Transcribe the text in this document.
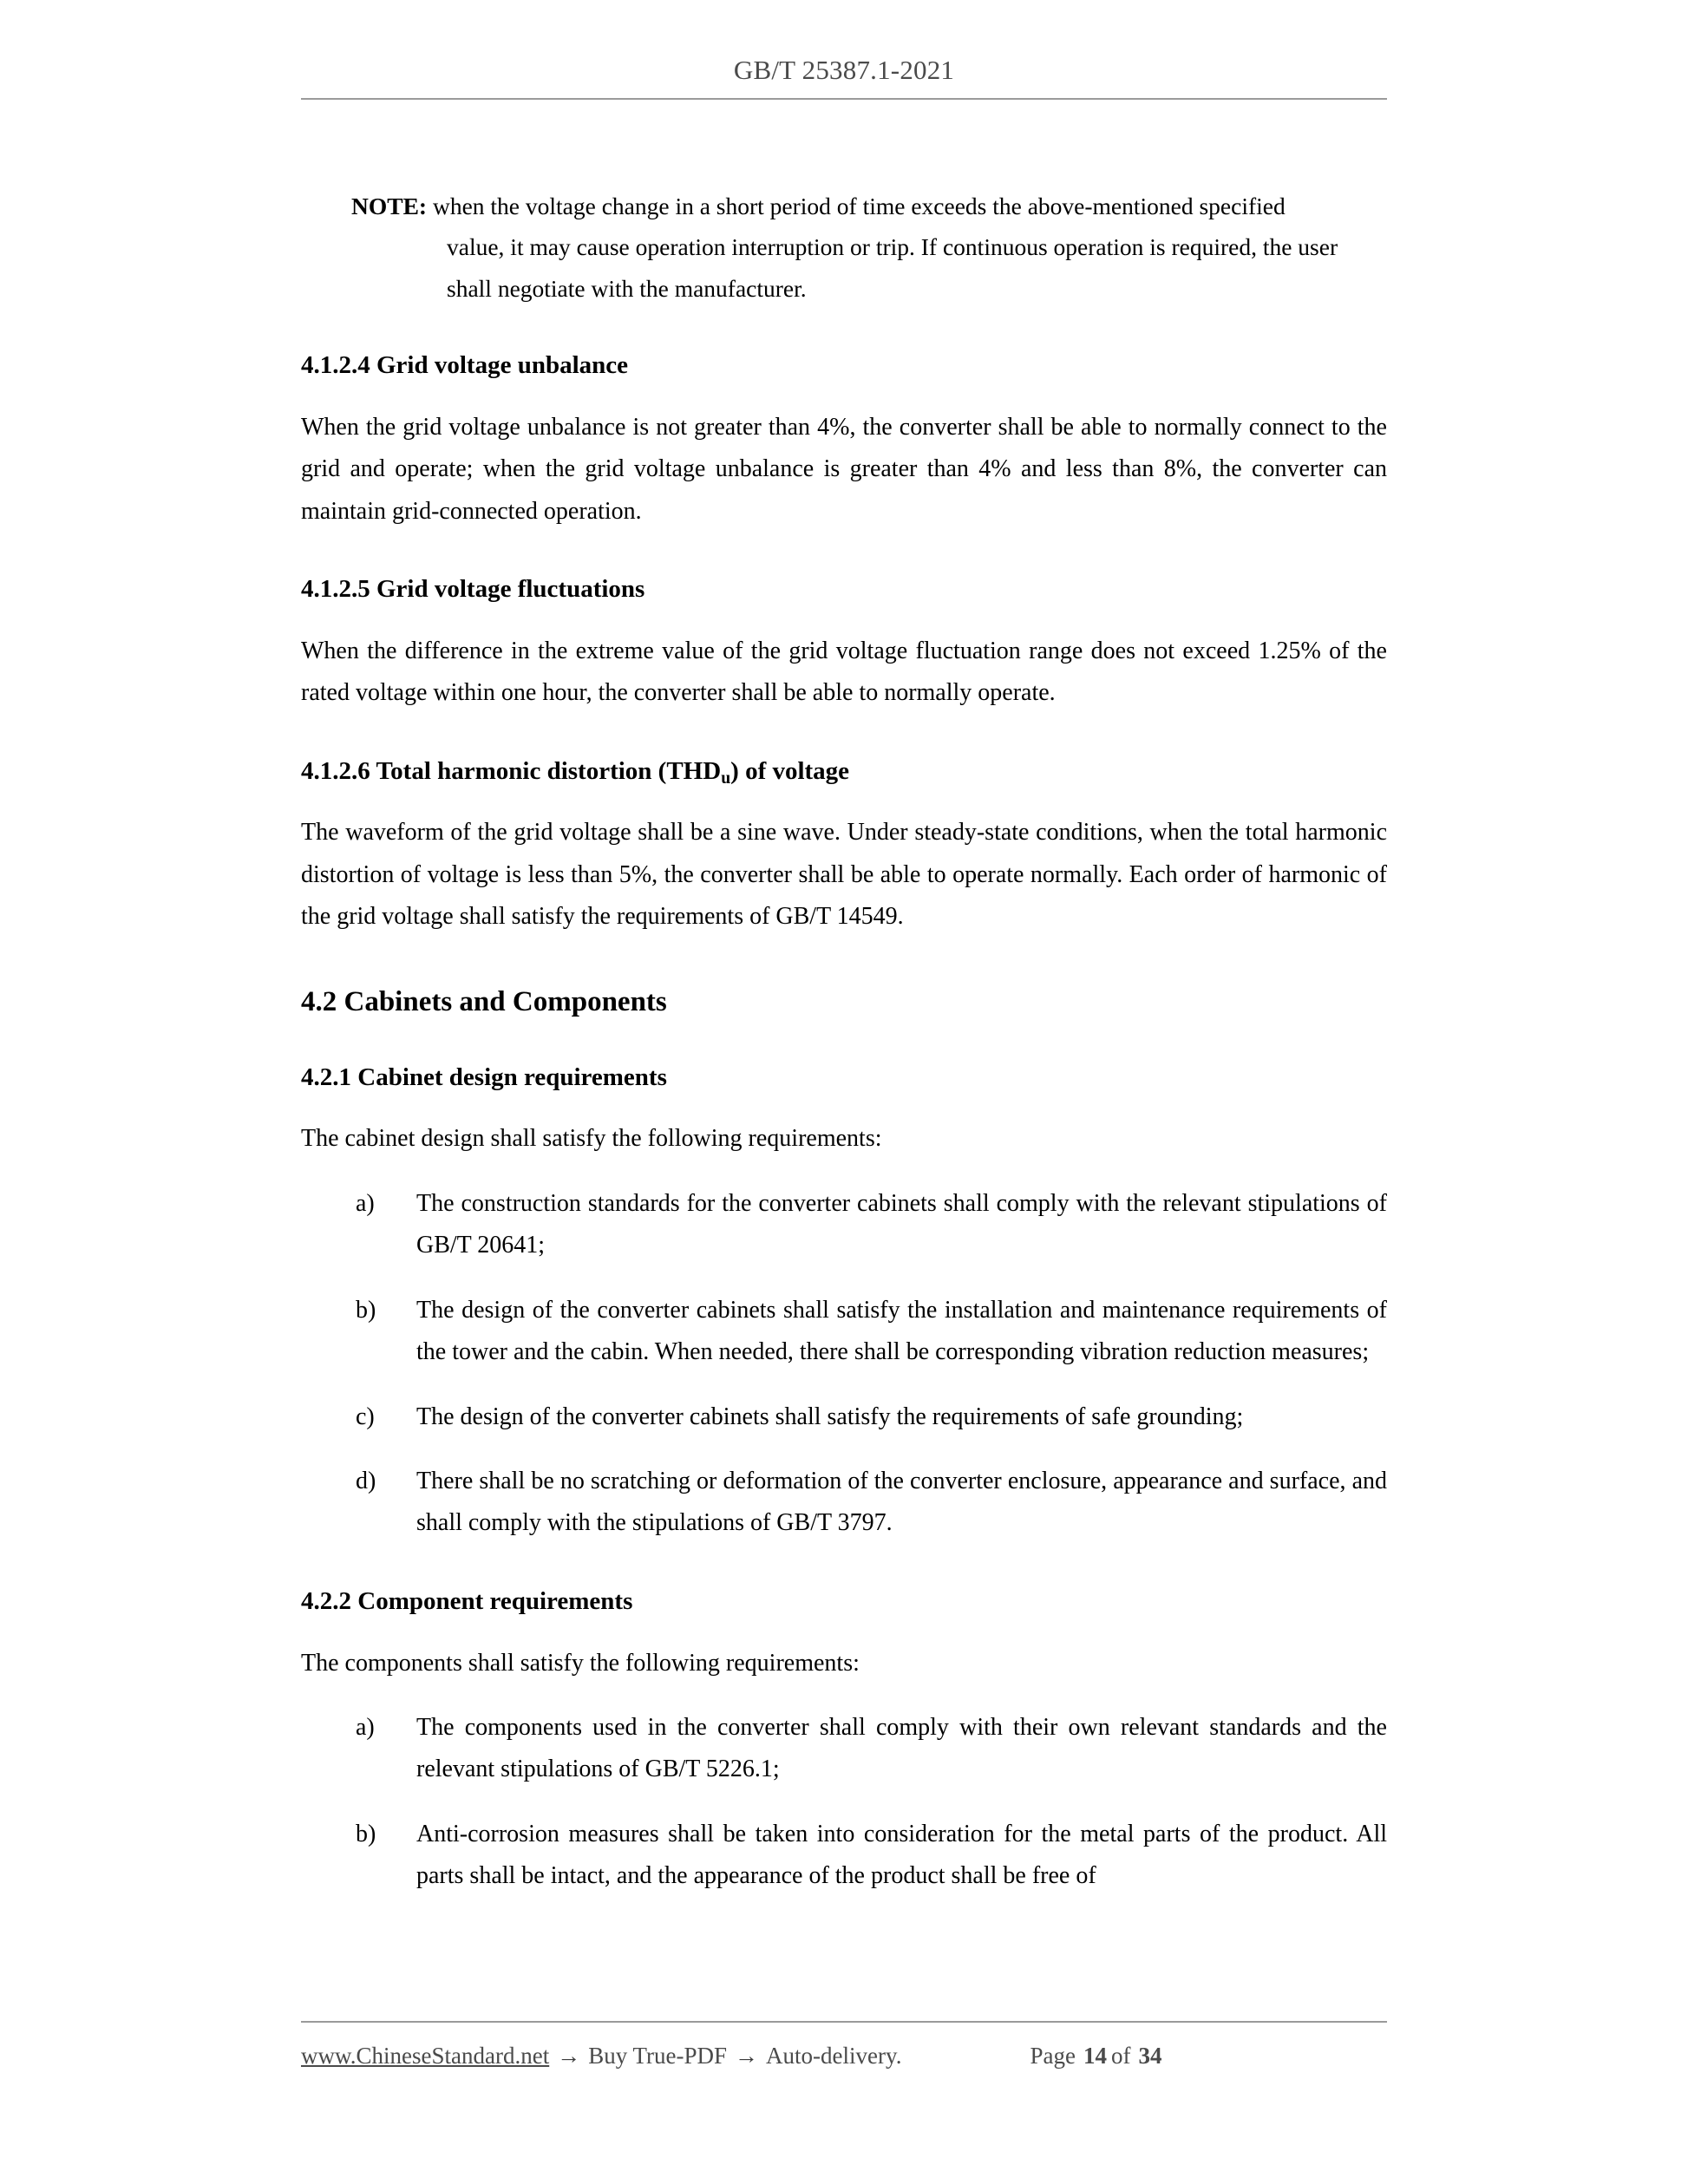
GB/T 25387.1-2021

NOTE: when the voltage change in a short period of time exceeds the above-mentioned specified value, it may cause operation interruption or trip. If continuous operation is required, the user shall negotiate with the manufacturer.

4.1.2.4 Grid voltage unbalance

When the grid voltage unbalance is not greater than 4%, the converter shall be able to normally connect to the grid and operate; when the grid voltage unbalance is greater than 4% and less than 8%, the converter can maintain grid-connected operation.

4.1.2.5 Grid voltage fluctuations

When the difference in the extreme value of the grid voltage fluctuation range does not exceed 1.25% of the rated voltage within one hour, the converter shall be able to normally operate.

4.1.2.6 Total harmonic distortion $(THD_u)$ of voltage

The waveform of the grid voltage shall be a sine wave. Under steady-state conditions, when the total harmonic distortion of voltage is less than 5%, the converter shall be able to operate normally. Each order of harmonic of the grid voltage shall satisfy the requirements of GB/T 14549.

4.2 Cabinets and Components
4.2.1 Cabinet design requirements

The cabinet design shall satisfy the following requirements:

a)	The construction standards for the converter cabinets shall comply with the relevant stipulations of GB/T 20641;
b)	The design of the converter cabinets shall satisfy the installation and maintenance requirements of the tower and the cabin. When needed, there shall be corresponding vibration reduction measures;
c)	The design of the converter cabinets shall satisfy the requirements of safe grounding;
d)	There shall be no scratching or deformation of the converter enclosure, appearance and surface, and shall comply with the stipulations of GB/T 3797.
4.2.2 Component requirements

The components shall satisfy the following requirements:

a)	The components used in the converter shall comply with their own relevant standards and the relevant stipulations of GB/T 5226.1;
b)	Anti-corrosion measures shall be taken into consideration for the metal parts of the product. All parts shall be intact, and the appearance of the product shall be free of
www.ChineseStandard.net → Buy True-PDF → Auto-delivery.	Page 14 of 34
